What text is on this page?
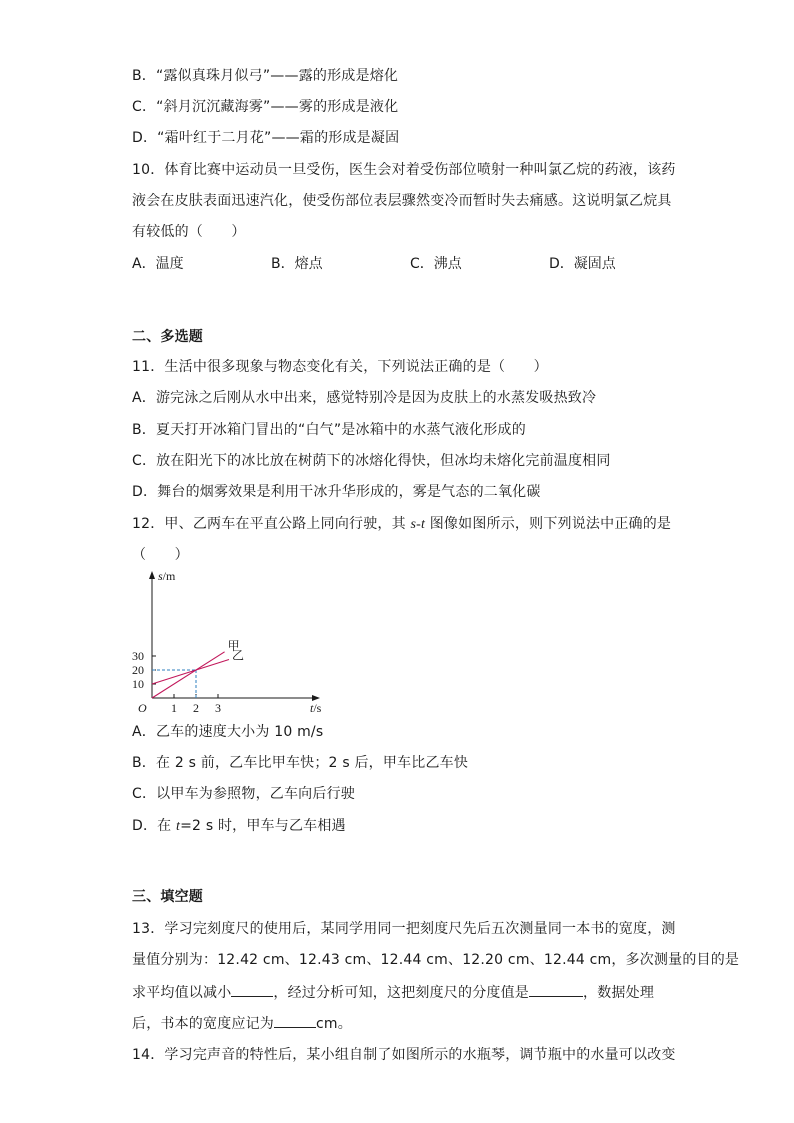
B．“露似真珠月似弓”——露的形成是熔化
C．“斜月沉沉藏海雾”——雾的形成是液化
D．“霜叶红于二月花”——霜的形成是凝固
10．体育比赛中运动员一旦受伤，医生会对着受伤部位喷射一种叫氯乙烷的药液，该药
液会在皮肤表面迅速汽化，使受伤部位表层骤然变冷而暂时失去痛感。这说明氯乙烷具
有较低的（　　）
A．温度	B．熔点	C．沸点	D．凝固点
二、多选题
11．生活中很多现象与物态变化有关，下列说法正确的是（　　）
A．游完泳之后刚从水中出来，感觉特别冷是因为皮肤上的水蒸发吸热致冷
B．夏天打开冰箱门冒出的“白气”是冰箱中的水蒸气液化形成的
C．放在阳光下的冰比放在树荫下的冰熔化得快，但冰均未熔化完前温度相同
D．舞台的烟雾效果是利用干冰升华形成的，雾是气态的二氧化碳
12．甲、乙两车在平直公路上同向行驶，其 s-t 图像如图所示，则下列说法中正确的是
（　　）
s/m
t/s
O 1 2 3
10
20
30
甲
乙
A．乙车的速度大小为 10 m/s
B．在 2 s 前，乙车比甲车快；2 s 后，甲车比乙车快
C．以甲车为参照物，乙车向后行驶
D．在 t=2 s 时，甲车与乙车相遇
三、填空题
13．学习完刻度尺的使用后，某同学用同一把刻度尺先后五次测量同一本书的宽度，测
量值分别为：12.42 cm、12.43 cm、12.44 cm、12.20 cm、12.44 cm，多次测量的目的是
求平均值以减小	，经过分析可知，这把刻度尺的分度值是	，数据处理
后，书本的宽度应记为	cm。
14．学习完声音的特性后，某小组自制了如图所示的水瓶琴，调节瓶中的水量可以改变
